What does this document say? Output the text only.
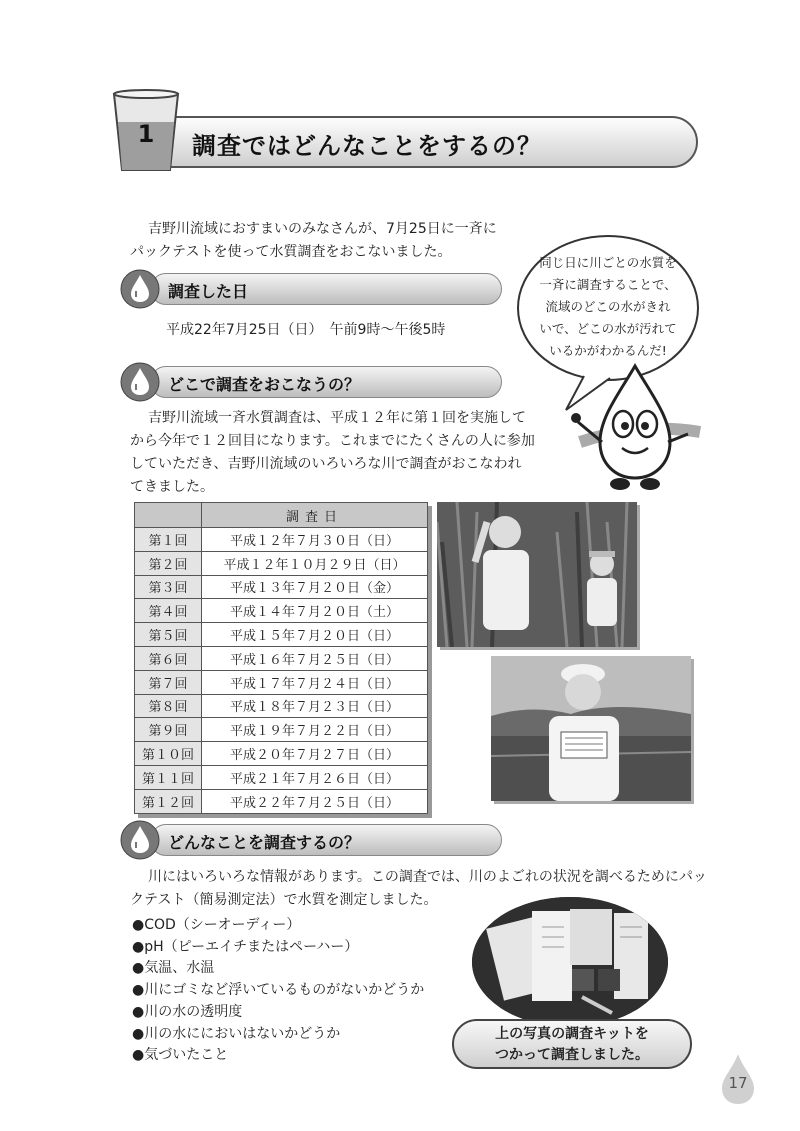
1	調査ではどんなことをするの？
吉野川流域におすまいのみなさんが、7月25日に一斉に
パックテストを使って水質調査をおこないました。
同じ日に川ごとの水質を
一斉に調査することで、
流域のどこの水がきれ
いで、どこの水が汚れて
いるかがわかるんだ!
調査した日
平成22年7月25日（日）　午前9時～午後5時
どこで調査をおこなうの？
吉野川流域一斉水質調査は、平成１２年に第１回を実施して
から今年で１２回目になります。これまでにたくさんの人に参加
していただき、吉野川流域のいろいろな川で調査がおこなわれ
てきました。
	調査日
第１回	平成１２年７月３０日（日）
第２回	平成１２年１０月２９日（日）
第３回	平成１３年７月２０日（金）
第４回	平成１４年７月２０日（土）
第５回	平成１５年７月２０日（日）
第６回	平成１６年７月２５日（日）
第７回	平成１７年７月２４日（日）
第８回	平成１８年７月２３日（日）
第９回	平成１９年７月２２日（日）
第１０回	平成２０年７月２７日（日）
第１１回	平成２１年７月２６日（日）
第１２回	平成２２年７月２５日（日）
どんなことを調査するの？
川にはいろいろな情報があります。この調査では、川のよごれの状況を調べるためにパッ
クテスト（簡易測定法）で水質を測定しました。
●COD（シーオーディー）
●pH（ピーエイチまたはペーハー）
●気温、水温
●川にゴミなど浮いているものがないかどうか
●川の水の透明度
●川の水ににおいはないかどうか
●気づいたこと
上の写真の調査キットを
つかって調査しました。
17
